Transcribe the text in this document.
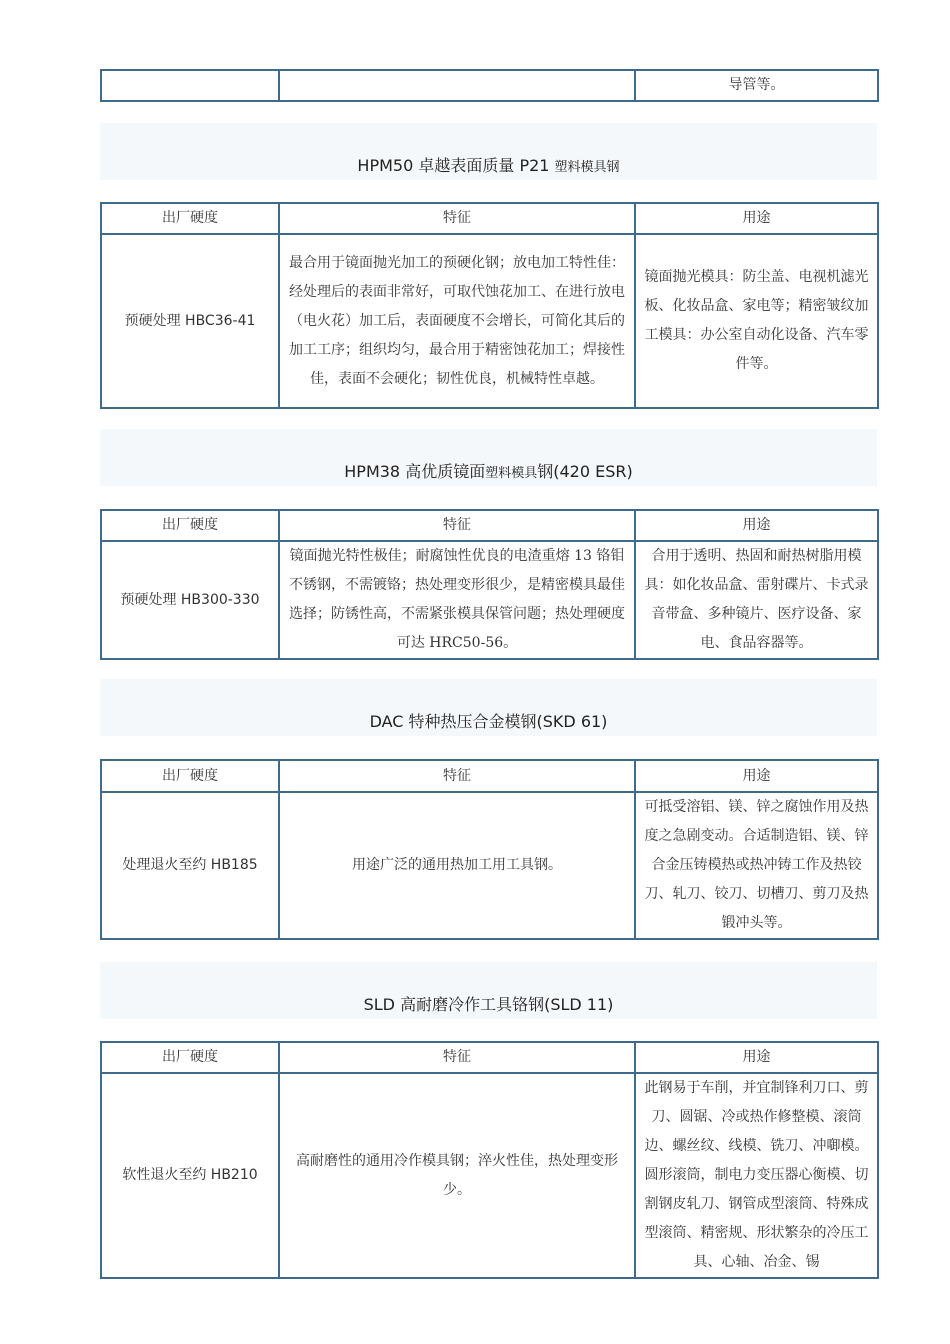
		导管等。
HPM50 卓越表面质量 P21 塑料模具钢
出厂硬度	特征	用途
预硬处理 HBC36-41	最合用于镜面抛光加工的预硬化钢；放电加工特性佳：经处理后的表面非常好，可取代蚀花加工、在进行放电（电火花）加工后，表面硬度不会增长，可简化其后的加工工序；组织均匀，最合用于精密蚀花加工；焊接性佳，表面不会硬化；韧性优良，机械特性卓越。	镜面抛光模具：防尘盖、电视机滤光板、化妆品盒、家电等；精密皱纹加工模具：办公室自动化设备、汽车零件等。
HPM38 高优质镜面塑料模具钢(420 ESR)
出厂硬度	特征	用途
预硬处理 HB300-330	镜面抛光特性极佳；耐腐蚀性优良的电渣重熔 13 铬钼不锈钢，不需镀铬；热处理变形很少，是精密模具最佳选择；防锈性高，不需紧张模具保管问题；热处理硬度可达 HRC50-56。	合用于透明、热固和耐热树脂用模具：如化妆品盒、雷射碟片、卡式录音带盒、多种镜片、医疗设备、家电、食品容器等。
DAC 特种热压合金模钢(SKD 61)
出厂硬度	特征	用途
处理退火至约 HB185	用途广泛的通用热加工用工具钢。	可抵受溶铝、镁、锌之腐蚀作用及热度之急剧变动。合适制造铝、镁、锌合金压铸模热或热冲铸工作及热铰刀、轧刀、铰刀、切槽刀、剪刀及热锻冲头等。
SLD 高耐磨冷作工具铬钢(SLD 11)
出厂硬度	特征	用途
软性退火至约 HB210	高耐磨性的通用冷作模具钢；淬火性佳，热处理变形少。	此钢易于车削，并宜制锋利刀口、剪刀、圆锯、冷或热作修整模、滚筒边、螺丝纹、线模、铣刀、冲啣模。圆形滚筒，制电力变压器心衡模、切割钢皮轧刀、钢管成型滚筒、特殊成型滚筒、精密规、形状繁杂的冷压工具、心轴、冶金、锡
